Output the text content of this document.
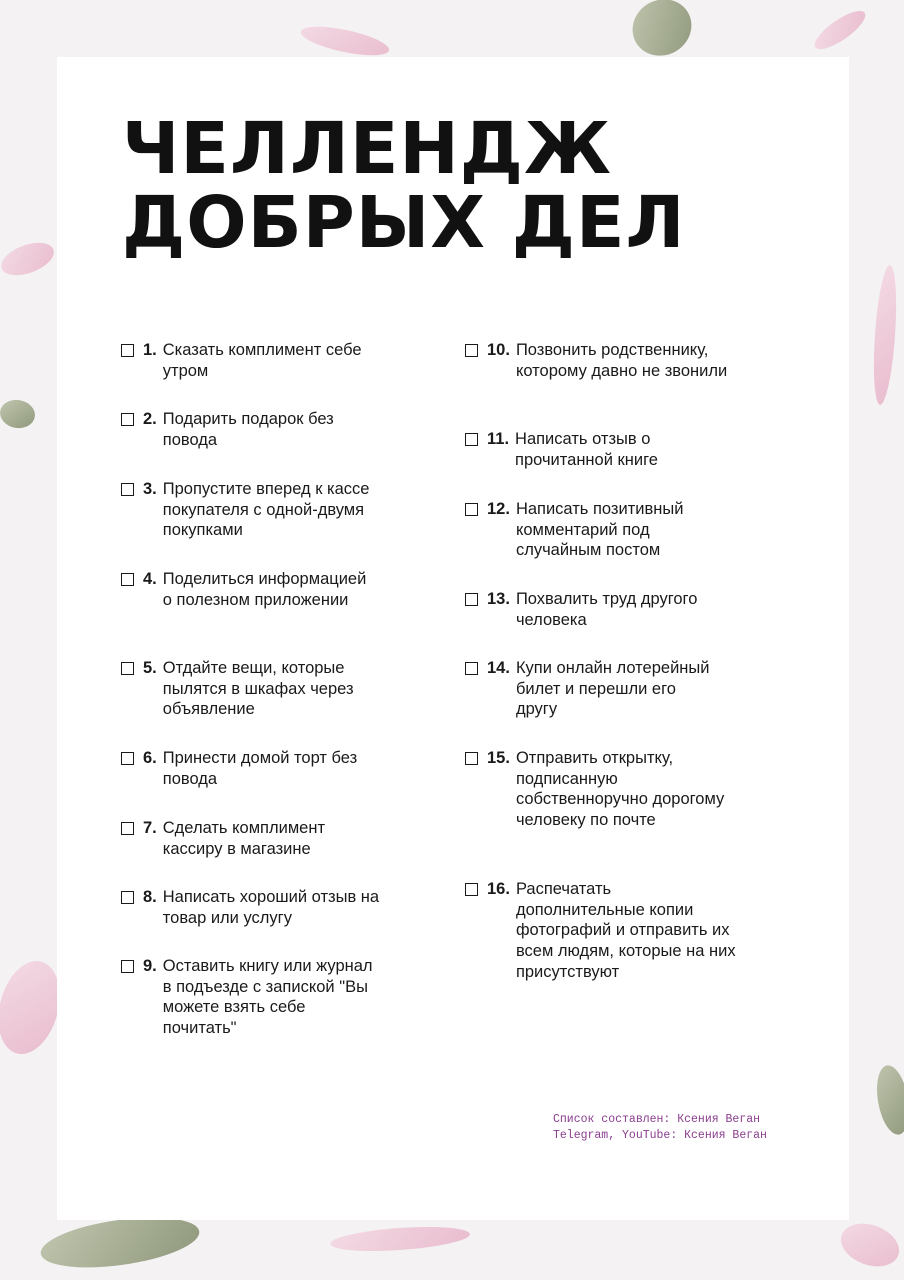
ЧЕЛЛЕНДЖ
ДОБРЫХ ДЕЛ
1. Сказать комплимент себе утром
2. Подарить подарок без повода
3. Пропустите вперед к кассе покупателя с одной-двумя покупками
4. Поделиться информацией о полезном приложении
5. Отдайте вещи, которые пылятся в шкафах через объявление
6. Принести домой торт без повода
7. Сделать комплимент кассиру в магазине
8. Написать хороший отзыв на товар или услугу
9. Оставить книгу или журнал в подъезде с запиской "Вы можете взять себе почитать"
10. Позвонить родственнику, которому давно не звонили
11. Написать отзыв о прочитанной книге
12. Написать позитивный комментарий под случайным постом
13. Похвалить труд другого человека
14. Купи онлайн лотерейный билет и перешли его другу
15. Отправить открытку, подписанную собственноручно дорогому человеку по почте
16. Распечатать дополнительные копии фотографий и отправить их всем людям, которые на них присутствуют
Список составлен: Ксения Веган
Telegram, YouTube: Ксения Веган
